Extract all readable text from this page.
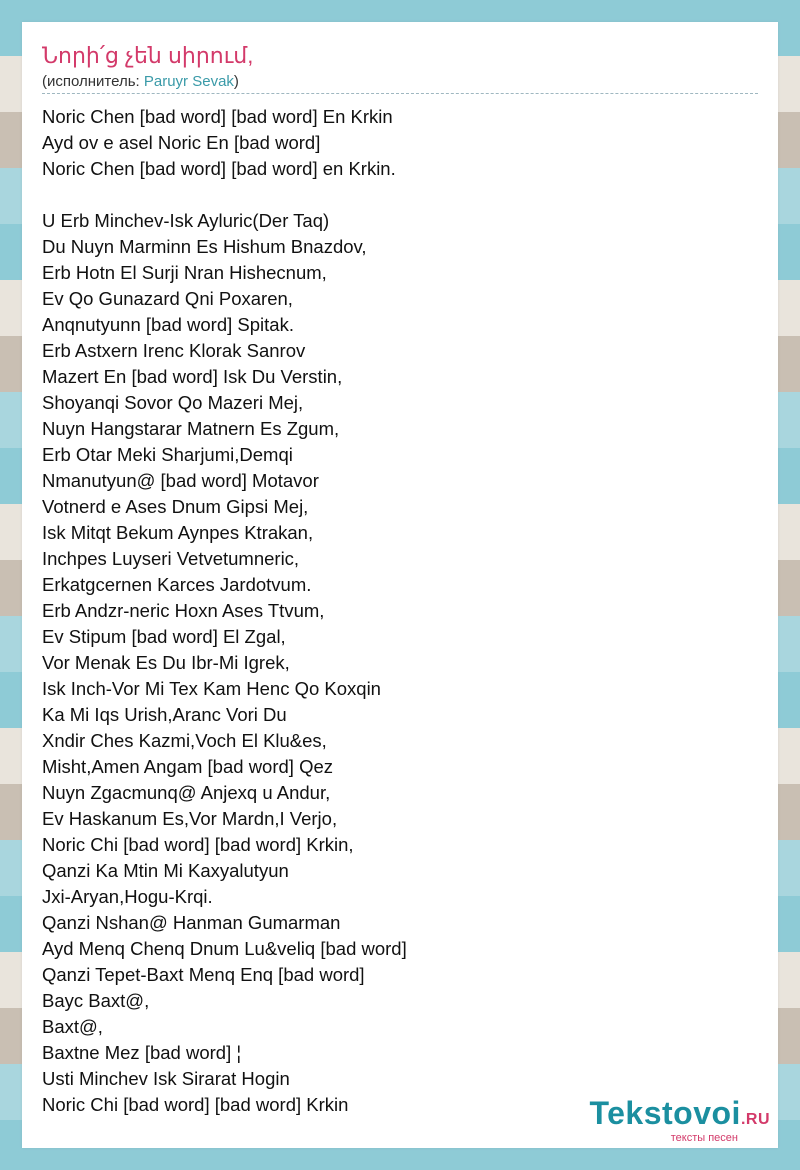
Նորի՛ց չեն սիրում,
(исполнитель: Paruyr Sevak)
Noric Chen [bad word] [bad word] En Krkin
Ayd ov e asel Noric En [bad word]
Noric Chen [bad word] [bad word] en Krkin.
U Erb Minchev-Isk Ayluric(Der Taq)
Du Nuyn Marminn Es Hishum Bnazdov,
Erb Hotn El Surji Nran Hishecnum,
Ev Qo Gunazard Qni Poxaren,
Anqnutyunn [bad word] Spitak.
Erb Astxern Irenc Klorak Sanrov
Mazert En [bad word] Isk Du Verstin,
Shoyanqi Sovor Qo Mazeri Mej,
Nuyn Hangstarar Matnern Es Zgum,
Erb Otar Meki Sharjumi,Demqi
Nmanutyun@ [bad word] Motavor
Votnerd e Ases Dnum Gipsi Mej,
Isk Mitqt Bekum Aynpes Ktrakan,
Inchpes Luyseri Vetvetumneric,
Erkatgcernen Karces Jardotvum.
Erb Andzr-neric Hoxn Ases Ttvum,
Ev Stipum [bad word] El Zgal,
Vor Menak Es Du Ibr-Mi Igrek,
Isk Inch-Vor Mi Tex Kam Henc Qo Koxqin
Ka Mi Iqs Urish,Aranc Vori Du
Xndir Ches Kazmi,Voch El Klu&es,
Misht,Amen Angam [bad word] Qez
Nuyn Zgacmunq@ Anjexq u Andur,
Ev Haskanum Es,Vor Mardn,I Verjo,
Noric Chi [bad word] [bad word] Krkin,
Qanzi Ka Mtin Mi Kaxyalutyun
Jxi-Aryan,Hogu-Krqi.
Qanzi Nshan@ Hanman Gumarman
Ayd Menq Chenq Dnum Lu&veliq [bad word]
Qanzi Tepet-Baxt Menq Enq [bad word]
Bayc Baxt@,
Baxt@,
Baxtne Mez [bad word] ¦
Usti Minchev Isk Sirarat Hogin
Noric Chi [bad word] [bad word] Krkin	Tekstovoi.RU
тексты песен
